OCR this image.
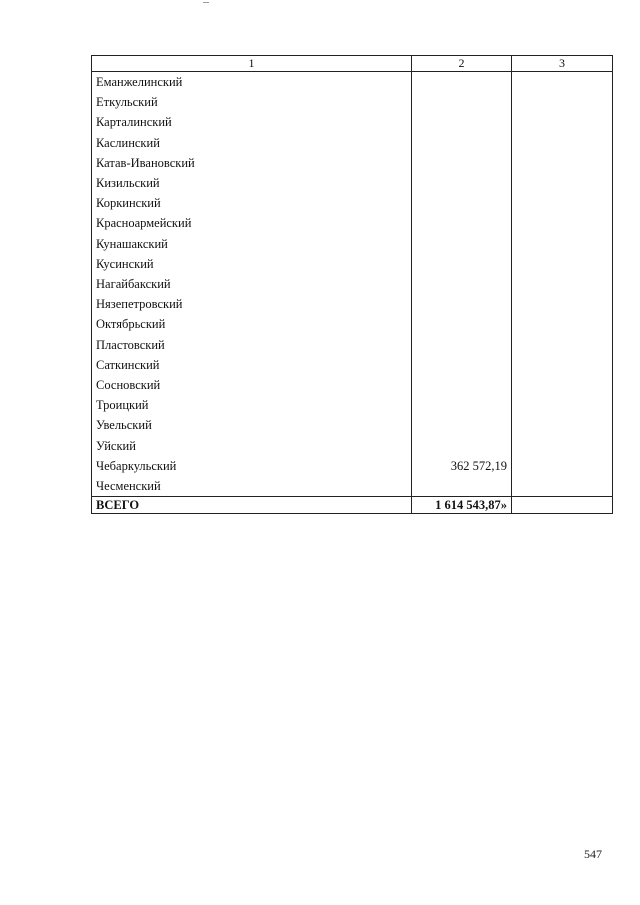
1	2	3
Еманжелинский		
Еткульский		
Карталинский		
Каслинский		
Катав-Ивановский		
Кизильский		
Коркинский		
Красноармейский		
Кунашакский		
Кусинский		
Нагайбакский		
Нязепетровский		
Октябрьский		
Пластовский		
Саткинский		
Сосновский		
Троицкий		
Увельский		
Уйский		
Чебаркульский	362 572,19	
Чесменский		
ВСЕГО	1 614 543,87»	
547
